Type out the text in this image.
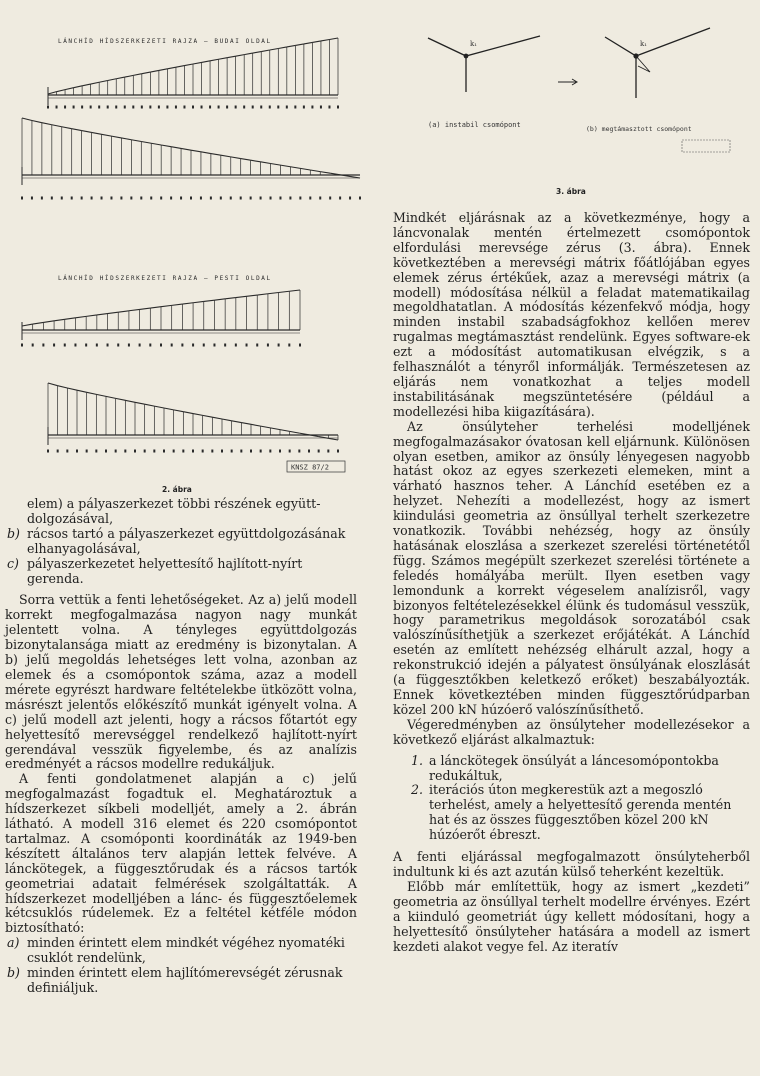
LÁNCHÍD HÍDSZERKEZETI RAJZA — BUDAI OLDAL
LÁNCHÍD HÍDSZERKEZETI RAJZA — PESTI OLDAL
KNSZ 87/2
2. ábra
k₁	k₁
(a) instabil csomópont	(b) megtámasztott csomópont
3. ábra
elem) a pályaszerkezet többi részének együtt-dolgozásával,
b) rácsos tartó a pályaszerkezet együttdolgozásának elhanyagolásával,
c) pályaszerkezetet helyettesítő hajlított-nyírt gerenda.

Sorra vettük a fenti lehetőségeket. Az a) jelű modell korrekt megfogalmazása nagyon nagy munkát jelentett volna. A tényleges együttdolgozás bizonytalansága miatt az eredmény is bizonytalan. A b) jelű megoldás lehetséges lett volna, azonban az elemek és a csomópontok száma, azaz a modell mérete egyrészt hardware feltételekbe ütközött volna, másrészt jelentős előkészítő munkát igényelt volna. A c) jelű modell azt jelenti, hogy a rácsos főtartót egy helyettesítő merevséggel rendelkező hajlított-nyírt gerendával vesszük figyelembe, és az analízis eredményét a rácsos modellre redukáljuk.

A fenti gondolatmenet alapján a c) jelű megfogalmazást fogadtuk el. Meghatároztuk a hídszerkezet síkbeli modelljét, amely a 2. ábrán látható. A modell 316 elemet és 220 csomópontot tartalmaz. A csomóponti koordináták az 1949-ben készített általános terv alapján lettek felvéve. A lánckötegek, a függesztőrudak és a rácsos tartók geometriai adatait felmérések szolgáltatták. A hídszerkezet modelljében a lánc- és függesztőelemek kétcsuklós rúdelemek. Ez a feltétel kétféle módon biztosítható:

a) minden érintett elem mindkét végéhez nyomatéki csuklót rendelünk,
b) minden érintett elem hajlítómerevségét zérusnak definiáljuk.

Mindkét eljárásnak az a következménye, hogy a láncvonalak mentén értelmezett csomópontok elfordulási merevsége zérus (3. ábra). Ennek következtében a merevségi mátrix főátlójában egyes elemek zérus értékűek, azaz a merevségi mátrix (a modell) módosítása nélkül a feladat matematikailag megoldhatatlan. A módosítás kézenfekvő módja, hogy minden instabil szabadságfokhoz kellően merev rugalmas megtámasztást rendelünk. Egyes software-ek ezt a módosítást automatikusan elvégzik, s a felhasználót a tényről informálják. Természetesen az eljárás nem vonatkozhat a teljes modell instabilitásának megszüntetésére (például a modellezési hiba kiigazítására).

Az önsúlyteher terhelési modelljének megfogalmazásakor óvatosan kell eljárnunk. Különösen olyan esetben, amikor az önsúly lényegesen nagyobb hatást okoz az egyes szerkezeti elemeken, mint a várható hasznos teher. A Lánchíd esetében ez a helyzet. Nehezíti a modellezést, hogy az ismert kiindulási geometria az önsúllyal terhelt szerkezetre vonatkozik. További nehézség, hogy az önsúly hatásának eloszlása a szerkezet szerelési történetétől függ. Számos megépült szerkezet szerelési története a feledés homályába merült. Ilyen esetben vagy lemondunk a korrekt végeselem analízisről, vagy bizonyos feltételezésekkel élünk és tudomásul vesszük, hogy parametrikus megoldások sorozatából csak valószínűsíthetjük a szerkezet erőjátékát. A Lánchíd esetén az említett nehézség elhárult azzal, hogy a rekonstrukció idején a pályatest önsúlyának eloszlását (a függesztőkben keletkező erőket) beszabályozták. Ennek következtében minden függesztőrúdparban közel 200 kN húzóerő valószínűsíthető.

Végeredményben az önsúlyteher modellezésekor a következő eljárást alkalmaztuk:

1. a lánckötegek önsúlyát a láncesomópontokba redukáltuk,
2. iterációs úton megkerestük azt a megoszló terhelést, amely a helyettesítő gerenda mentén hat és az összes függesztőben közel 200 kN húzóerőt ébreszt.

A fenti eljárással megfogalmazott önsúlyteherből indultunk ki és azt azután külső teherként kezeltük.

Előbb már említettük, hogy az ismert „kezdeti” geometria az önsúllyal terhelt modellre érvényes. Ezért a kiinduló geometriát úgy kellett módosítani, hogy a helyettesítő önsúlyteher hatására a modell az ismert kezdeti alakot vegye fel. Az iteratív
